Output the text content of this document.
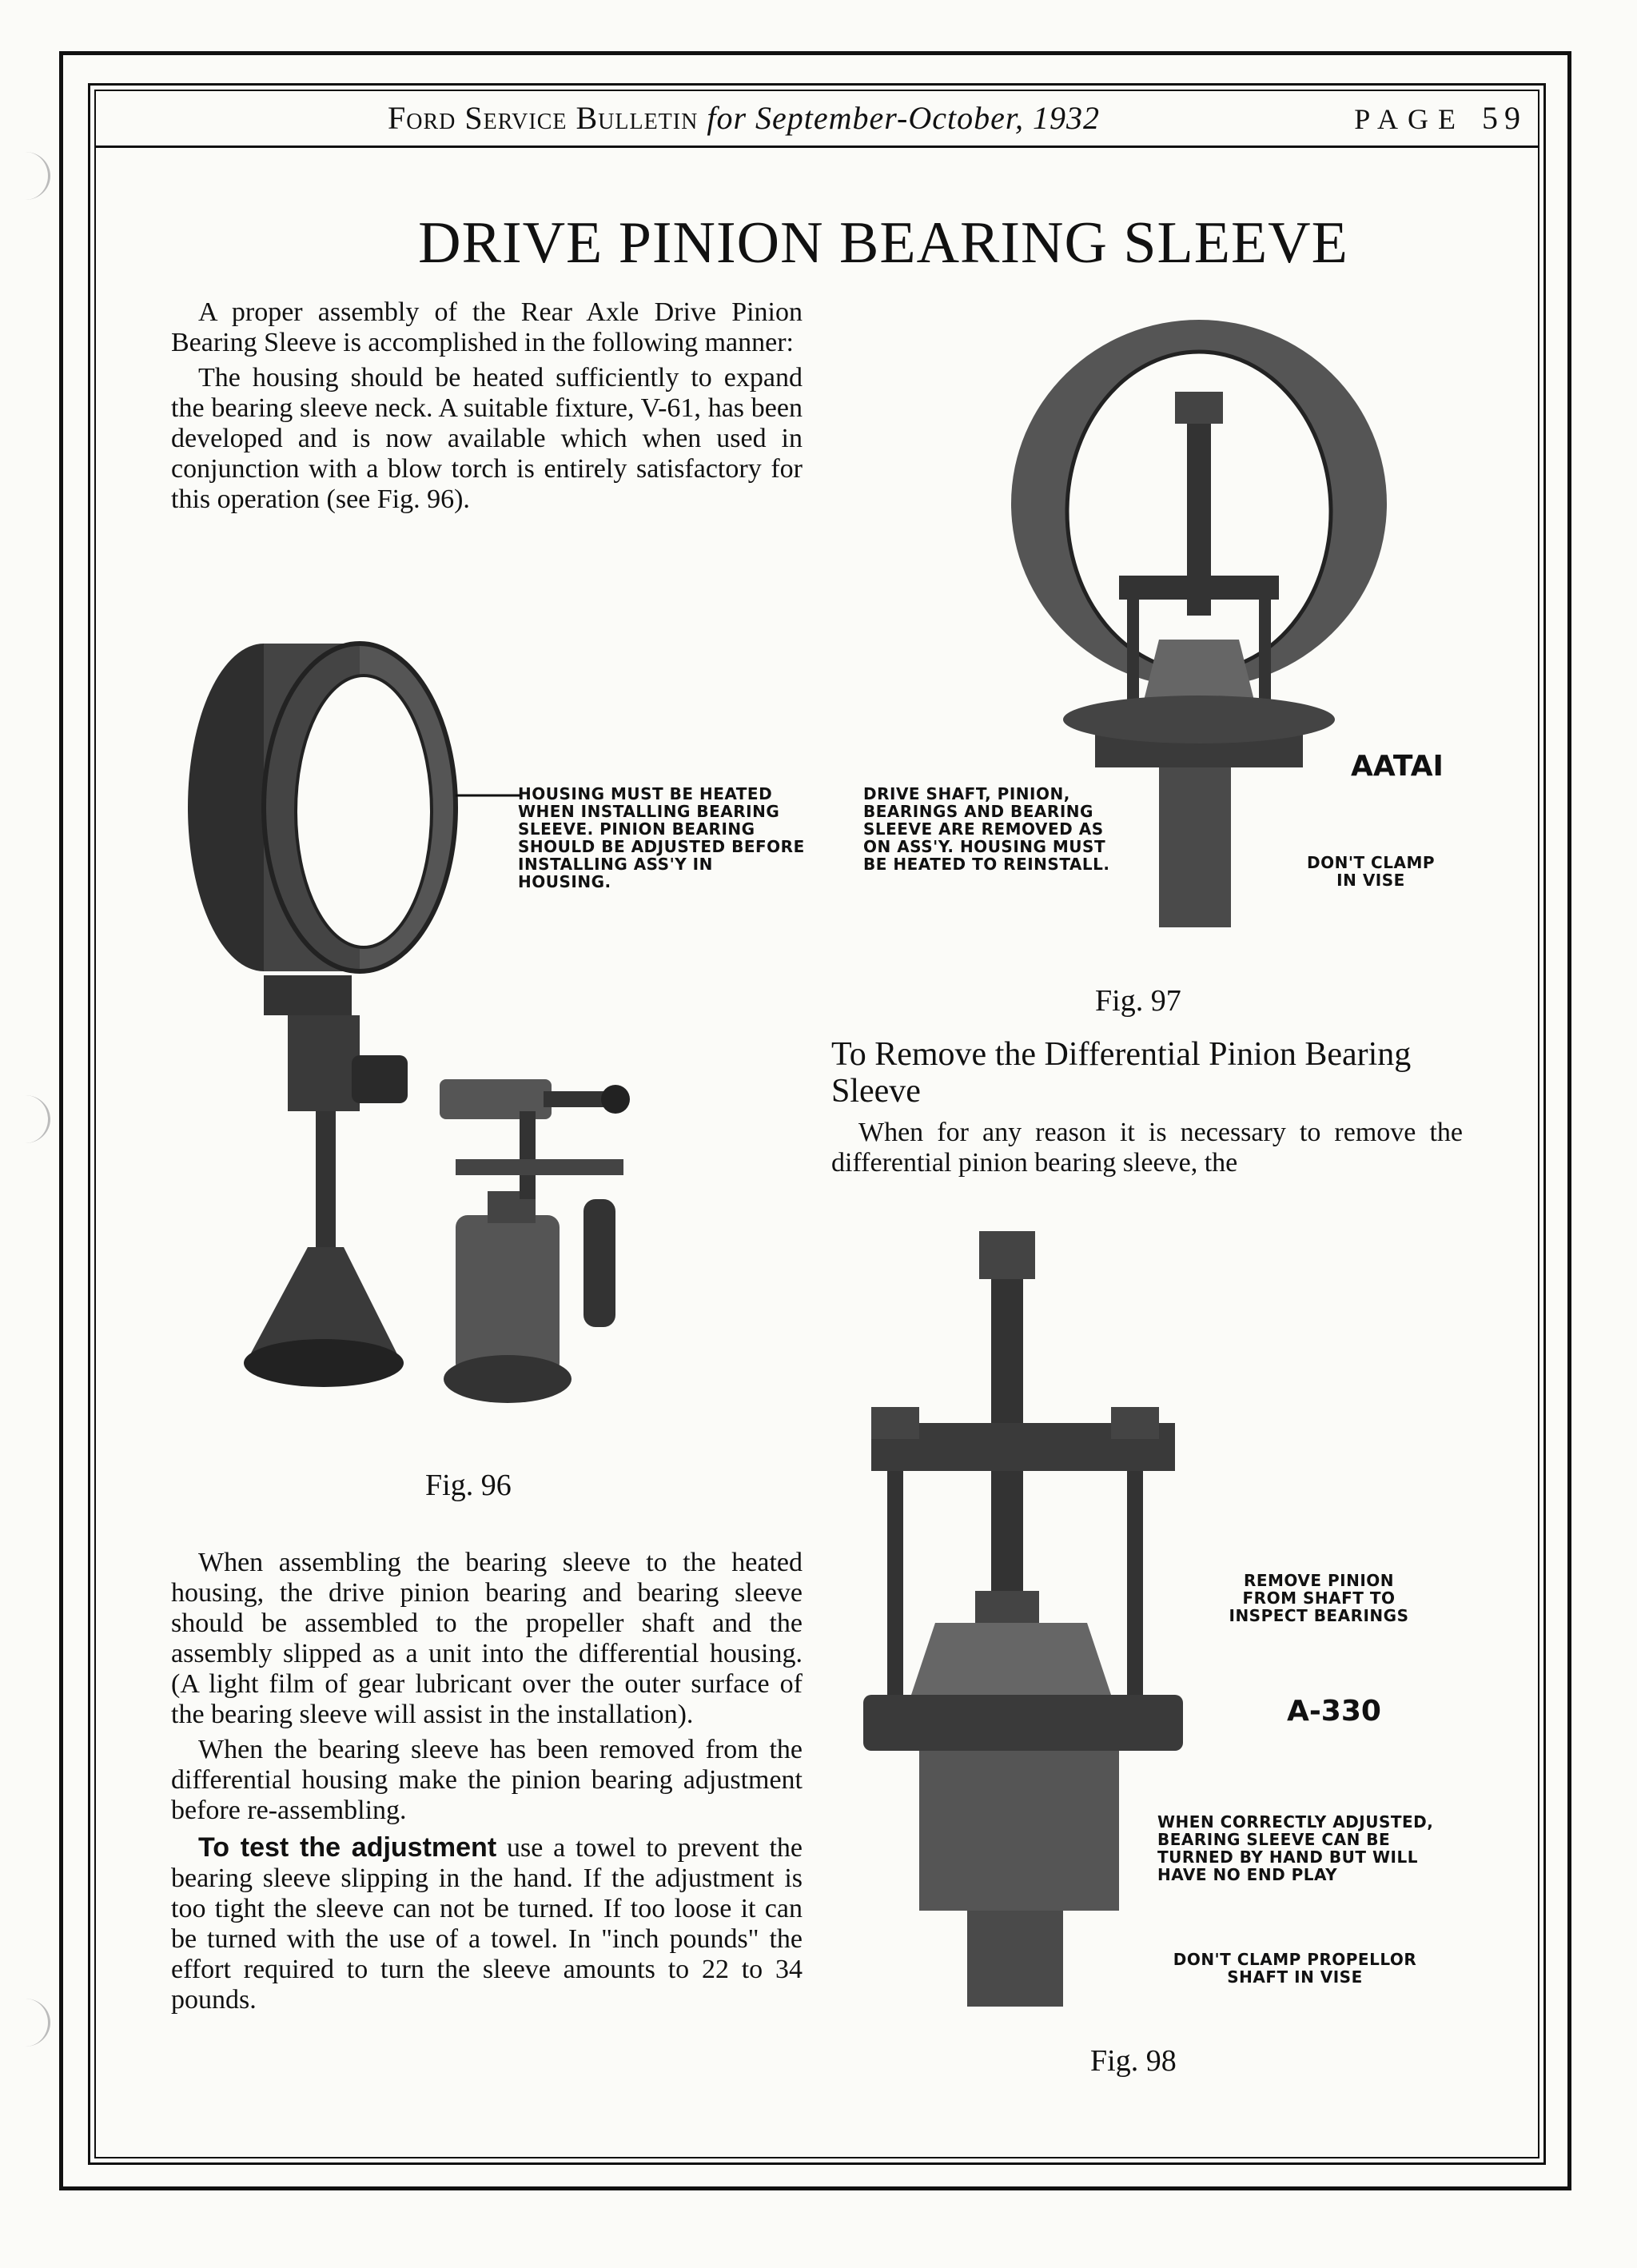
Ford Service Bulletin for September-October, 1932	PAGE 59
DRIVE PINION BEARING SLEEVE

A proper assembly of the Rear Axle Drive Pinion Bearing Sleeve is accomplished in the following manner:

The housing should be heated sufficiently to expand the bearing sleeve neck. A suitable fixture, V-61, has been developed and is now available which when used in conjunction with a blow torch is entirely satisfactory for this operation (see Fig. 96).

HOUSING MUST BE HEATED WHEN INSTALLING BEARING SLEEVE. PINION BEARING SHOULD BE ADJUSTED BEFORE INSTALLING ASS'Y IN HOUSING.
Fig. 96
DRIVE SHAFT, PINION, BEARINGS AND BEARING SLEEVE ARE REMOVED AS ON ASS'Y. HOUSING MUST BE HEATED TO REINSTALL.
AATAI
DON'T CLAMP IN VISE
Fig. 97
To Remove the Differential Pinion Bearing Sleeve

When for any reason it is necessary to remove the differential pinion bearing sleeve, the

REMOVE PINION FROM SHAFT TO INSPECT BEARINGS
A-330
WHEN CORRECTLY ADJUSTED, BEARING SLEEVE CAN BE TURNED BY HAND BUT WILL HAVE NO END PLAY
DON'T CLAMP PROPELLOR SHAFT IN VISE
Fig. 98

When assembling the bearing sleeve to the heated housing, the drive pinion bearing and bearing sleeve should be assembled to the propeller shaft and the assembly slipped as a unit into the differential housing. (A light film of gear lubricant over the outer surface of the bearing sleeve will assist in the installation).

When the bearing sleeve has been removed from the differential housing make the pinion bearing adjustment before re-assembling.

To test the adjustment use a towel to prevent the bearing sleeve slipping in the hand. If the adjustment is too tight the sleeve can not be turned. If too loose it can be turned with the use of a towel. In "inch pounds" the effort required to turn the sleeve amounts to 22 to 34 pounds.
